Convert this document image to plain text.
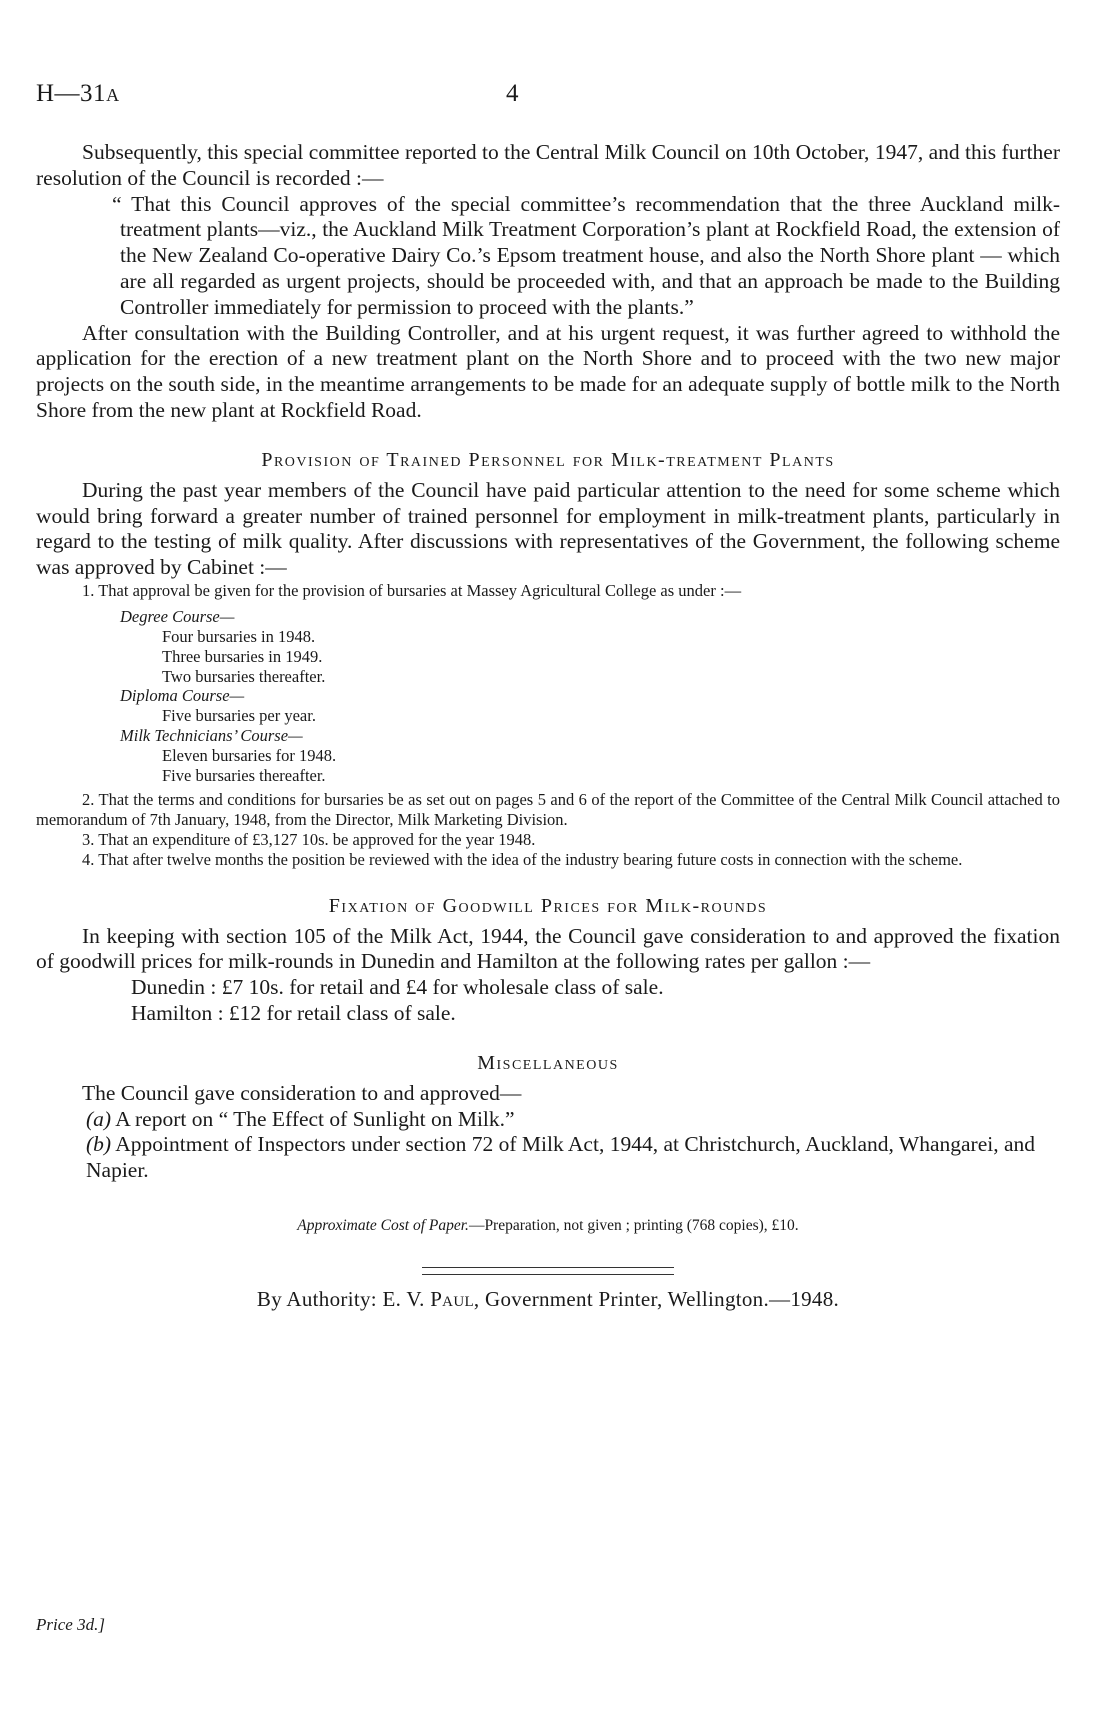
H—31A	4

Subsequently, this special committee reported to the Central Milk Council on 10th October, 1947, and this further resolution of the Council is recorded :—

“ That this Council approves of the special committee’s recommendation that the three Auckland milk-treatment plants—viz., the Auckland Milk Treatment Corporation’s plant at Rockfield Road, the extension of the New Zealand Co-operative Dairy Co.’s Epsom treatment house, and also the North Shore plant — which are all regarded as urgent projects, should be proceeded with, and that an approach be made to the Building Controller immediately for permission to proceed with the plants.”

After consultation with the Building Controller, and at his urgent request, it was further agreed to withhold the application for the erection of a new treatment plant on the North Shore and to proceed with the two new major projects on the south side, in the meantime arrangements to be made for an adequate supply of bottle milk to the North Shore from the new plant at Rockfield Road.

Provision of Trained Personnel for Milk-treatment Plants

During the past year members of the Council have paid particular attention to the need for some scheme which would bring forward a greater number of trained personnel for employment in milk-treatment plants, particularly in regard to the testing of milk quality. After discussions with representatives of the Government, the following scheme was approved by Cabinet :—

1. That approval be given for the provision of bursaries at Massey Agricultural College as under :—

Degree Course—
Four bursaries in 1948.
Three bursaries in 1949.
Two bursaries thereafter.
Diploma Course—
Five bursaries per year.
Milk Technicians’ Course—
Eleven bursaries for 1948.
Five bursaries thereafter.

2. That the terms and conditions for bursaries be as set out on pages 5 and 6 of the report of the Committee of the Central Milk Council attached to memorandum of 7th January, 1948, from the Director, Milk Marketing Division.

3. That an expenditure of £3,127 10s. be approved for the year 1948.

4. That after twelve months the position be reviewed with the idea of the industry bearing future costs in connection with the scheme.

Fixation of Goodwill Prices for Milk-rounds

In keeping with section 105 of the Milk Act, 1944, the Council gave consideration to and approved the fixation of goodwill prices for milk-rounds in Dunedin and Hamilton at the following rates per gallon :—

Dunedin : £7 10s. for retail and £4 for wholesale class of sale.
Hamilton : £12 for retail class of sale.

Miscellaneous

The Council gave consideration to and approved—

(a) A report on “ The Effect of Sunlight on Milk.”
(b) Appointment of Inspectors under section 72 of Milk Act, 1944, at Christchurch, Auckland, Whangarei, and Napier.

Approximate Cost of Paper.—Preparation, not given ; printing (768 copies), £10.

By Authority: E. V. Paul, Government Printer, Wellington.—1948.

Price 3d.]
